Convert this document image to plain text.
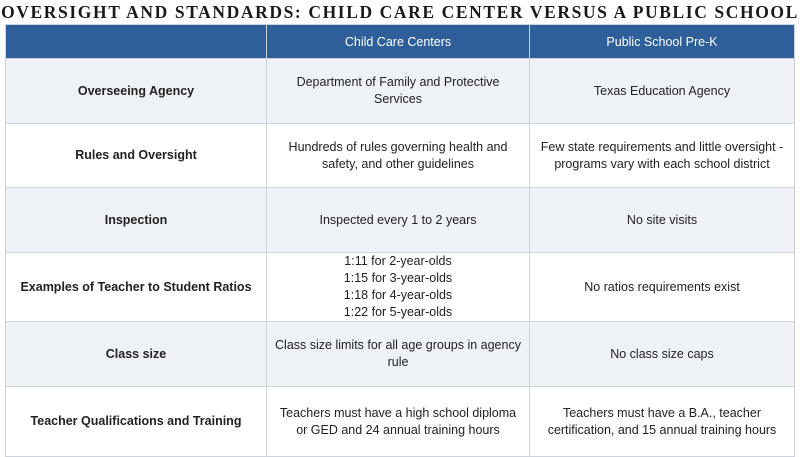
OVERSIGHT AND STANDARDS: CHILD CARE CENTER VERSUS A PUBLIC SCHOOL
	Child Care Centers	Public School Pre-K
Overseeing Agency	Department of Family and Protective Services	Texas Education Agency
Rules and Oversight	Hundreds of rules governing health and safety, and other guidelines	Few state requirements and little oversight - programs vary with each school district
Inspection	Inspected every 1 to 2 years	No site visits
Examples of Teacher to Student Ratios	1:11 for 2-year-olds
1:15 for 3-year-olds
1:18 for 4-year-olds
1:22 for 5-year-olds	No ratios requirements exist
Class size	Class size limits for all age groups in agency rule	No class size caps
Teacher Qualifications and Training	Teachers must have a high school diploma or GED and 24 annual training hours	Teachers must have a B.A., teacher certification, and 15 annual training hours
